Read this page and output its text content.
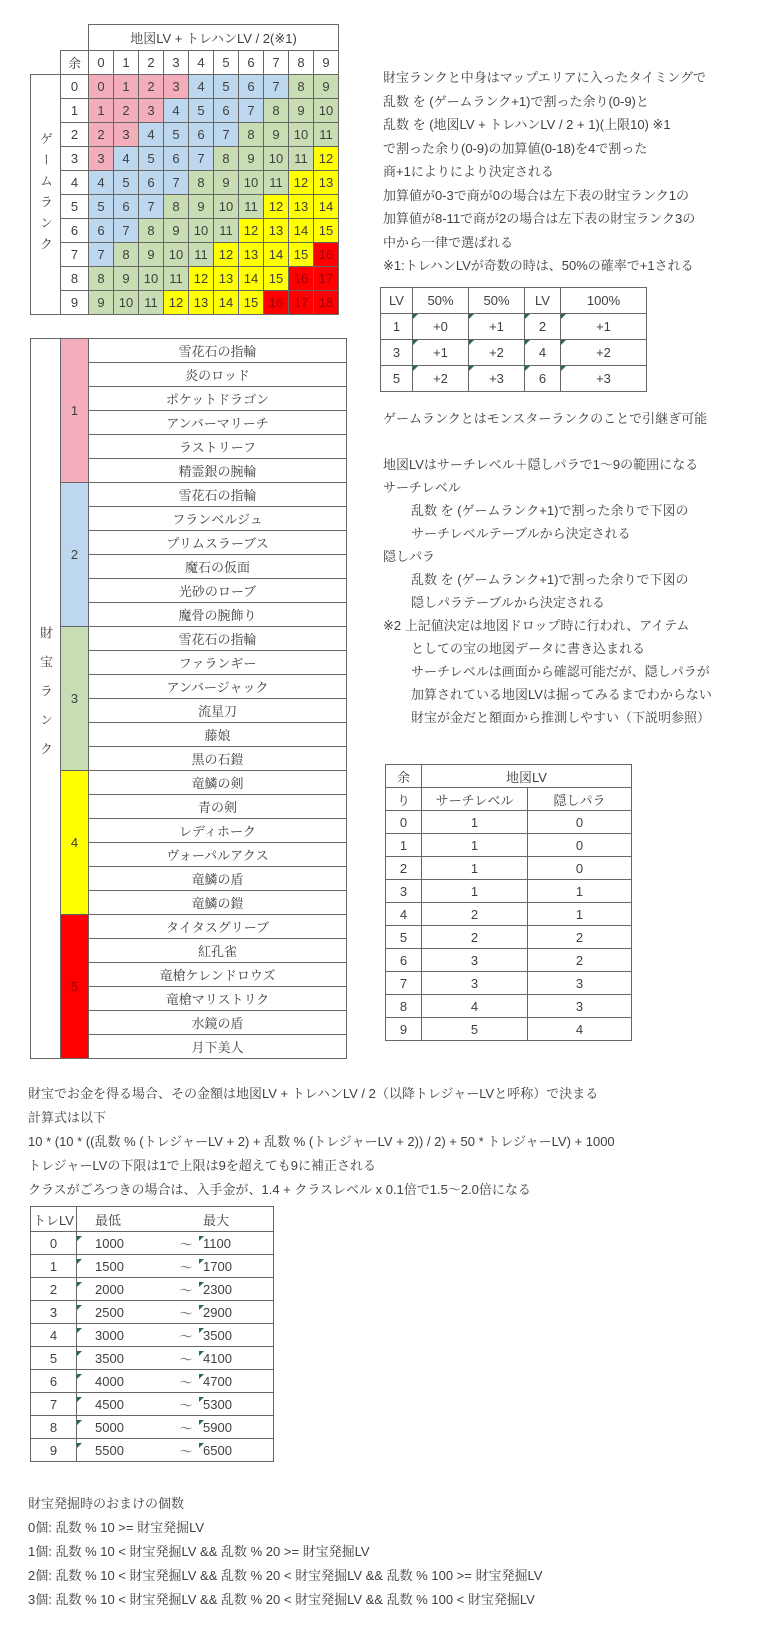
		地図LV + トレハンLV / 2(※1)									
	余	0	1	2	3	4	5	6	7	8	9
ゲームランク	0	0	1	2	3	4	5	6	7	8	9
	1	1	2	3	4	5	6	7	8	9	10
	2	2	3	4	5	6	7	8	9	10	11
	3	3	4	5	6	7	8	9	10	11	12
	4	4	5	6	7	8	9	10	11	12	13
	5	5	6	7	8	9	10	11	12	13	14
	6	6	7	8	9	10	11	12	13	14	15
	7	7	8	9	10	11	12	13	14	15	16
	8	8	9	10	11	12	13	14	15	16	17
	9	9	10	11	12	13	14	15	16	17	18
財宝ランクと中身はマップエリアに入ったタイミングで
乱数 を (ゲームランク+1)で割った余り(0-9)と
乱数 を (地図LV + トレハンLV / 2 + 1)(上限10) ※1
で割った余り(0-9)の加算値(0-18)を4で割った
商+1によりにより決定される
加算値が0-3で商が0の場合は左下表の財宝ランク1の
加算値が8-11で商が2の場合は左下表の財宝ランク3の
中から一律で選ばれる
※1:トレハンLVが奇数の時は、50%の確率で+1される
LV	50%	50%	LV	100%
1	+0	+1	2	+1
3	+1	+2	4	+2
5	+2	+3	6	+3
財宝ランク	1	雪花石の指輪
		炎のロッド
		ポケットドラゴン
		アンバーマリーチ
		ラストリーフ
		精霊銀の腕輪
	2	雪花石の指輪
		フランベルジュ
		プリムスラーブス
		魔石の仮面
		光砂のローブ
		魔骨の腕飾り
	3	雪花石の指輪
		ファランギー
		アンバージャック
		流星刀
		藤娘
		黒の石鎧
	4	竜鱗の剣
		青の剣
		レディホーク
		ヴォーパルアクス
		竜鱗の盾
		竜鱗の鎧
	5	タイタスグリーブ
		紅孔雀
		竜槍ケレンドロウズ
		竜槍マリストリク
		水鏡の盾
		月下美人
ゲームランクとはモンスターランクのことで引継ぎ可能

地図LVはサーチレベル＋隠しパラで1～9の範囲になる
サーチレベル
乱数 を (ゲームランク+1)で割った余りで下図の
サーチレベルテーブルから決定される
隠しパラ
乱数 を (ゲームランク+1)で割った余りで下図の
隠しパラテーブルから決定される
※2 上記値決定は地図ドロップ時に行われ、アイテム
としての宝の地図データに書き込まれる
サーチレベルは画面から確認可能だが、隠しパラが
加算されている地図LVは掘ってみるまでわからない
財宝が金だと額面から推測しやすい（下説明参照）
余	地図LV	
り	サーチレベル	隠しパラ
0	1	0
1	1	0
2	1	0
3	1	1
4	2	1
5	2	2
6	3	2
7	3	3
8	4	3
9	5	4
財宝でお金を得る場合、その金額は地図LV + トレハンLV / 2（以降トレジャーLVと呼称）で決まる
計算式は以下
10 * (10 * ((乱数 % (トレジャーLV + 2) + 乱数 % (トレジャーLV + 2)) / 2) + 50 * トレジャーLV) + 1000
トレジャーLVの下限は1で上限は9を超えても9に補正される
クラスがごろつきの場合は、入手金が、1.4 + クラスレベル x 0.1倍で1.5～2.0倍になる
トレLV	最低 最大

0	1000 ～ 1100

1	1500 ～ 1700

2	2000 ～ 2300

3	2500 ～ 2900

4	3000 ～ 3500

5	3500 ～ 4100

6	4000 ～ 4700

7	4500 ～ 5300

8	5000 ～ 5900

9	5500 ～ 6500
財宝発掘時のおまけの個数
0個: 乱数 % 10 >= 財宝発掘LV
1個: 乱数 % 10 < 財宝発掘LV && 乱数 % 20 >= 財宝発掘LV
2個: 乱数 % 10 < 財宝発掘LV && 乱数 % 20 < 財宝発掘LV && 乱数 % 100 >= 財宝発掘LV
3個: 乱数 % 10 < 財宝発掘LV && 乱数 % 20 < 財宝発掘LV && 乱数 % 100 < 財宝発掘LV
